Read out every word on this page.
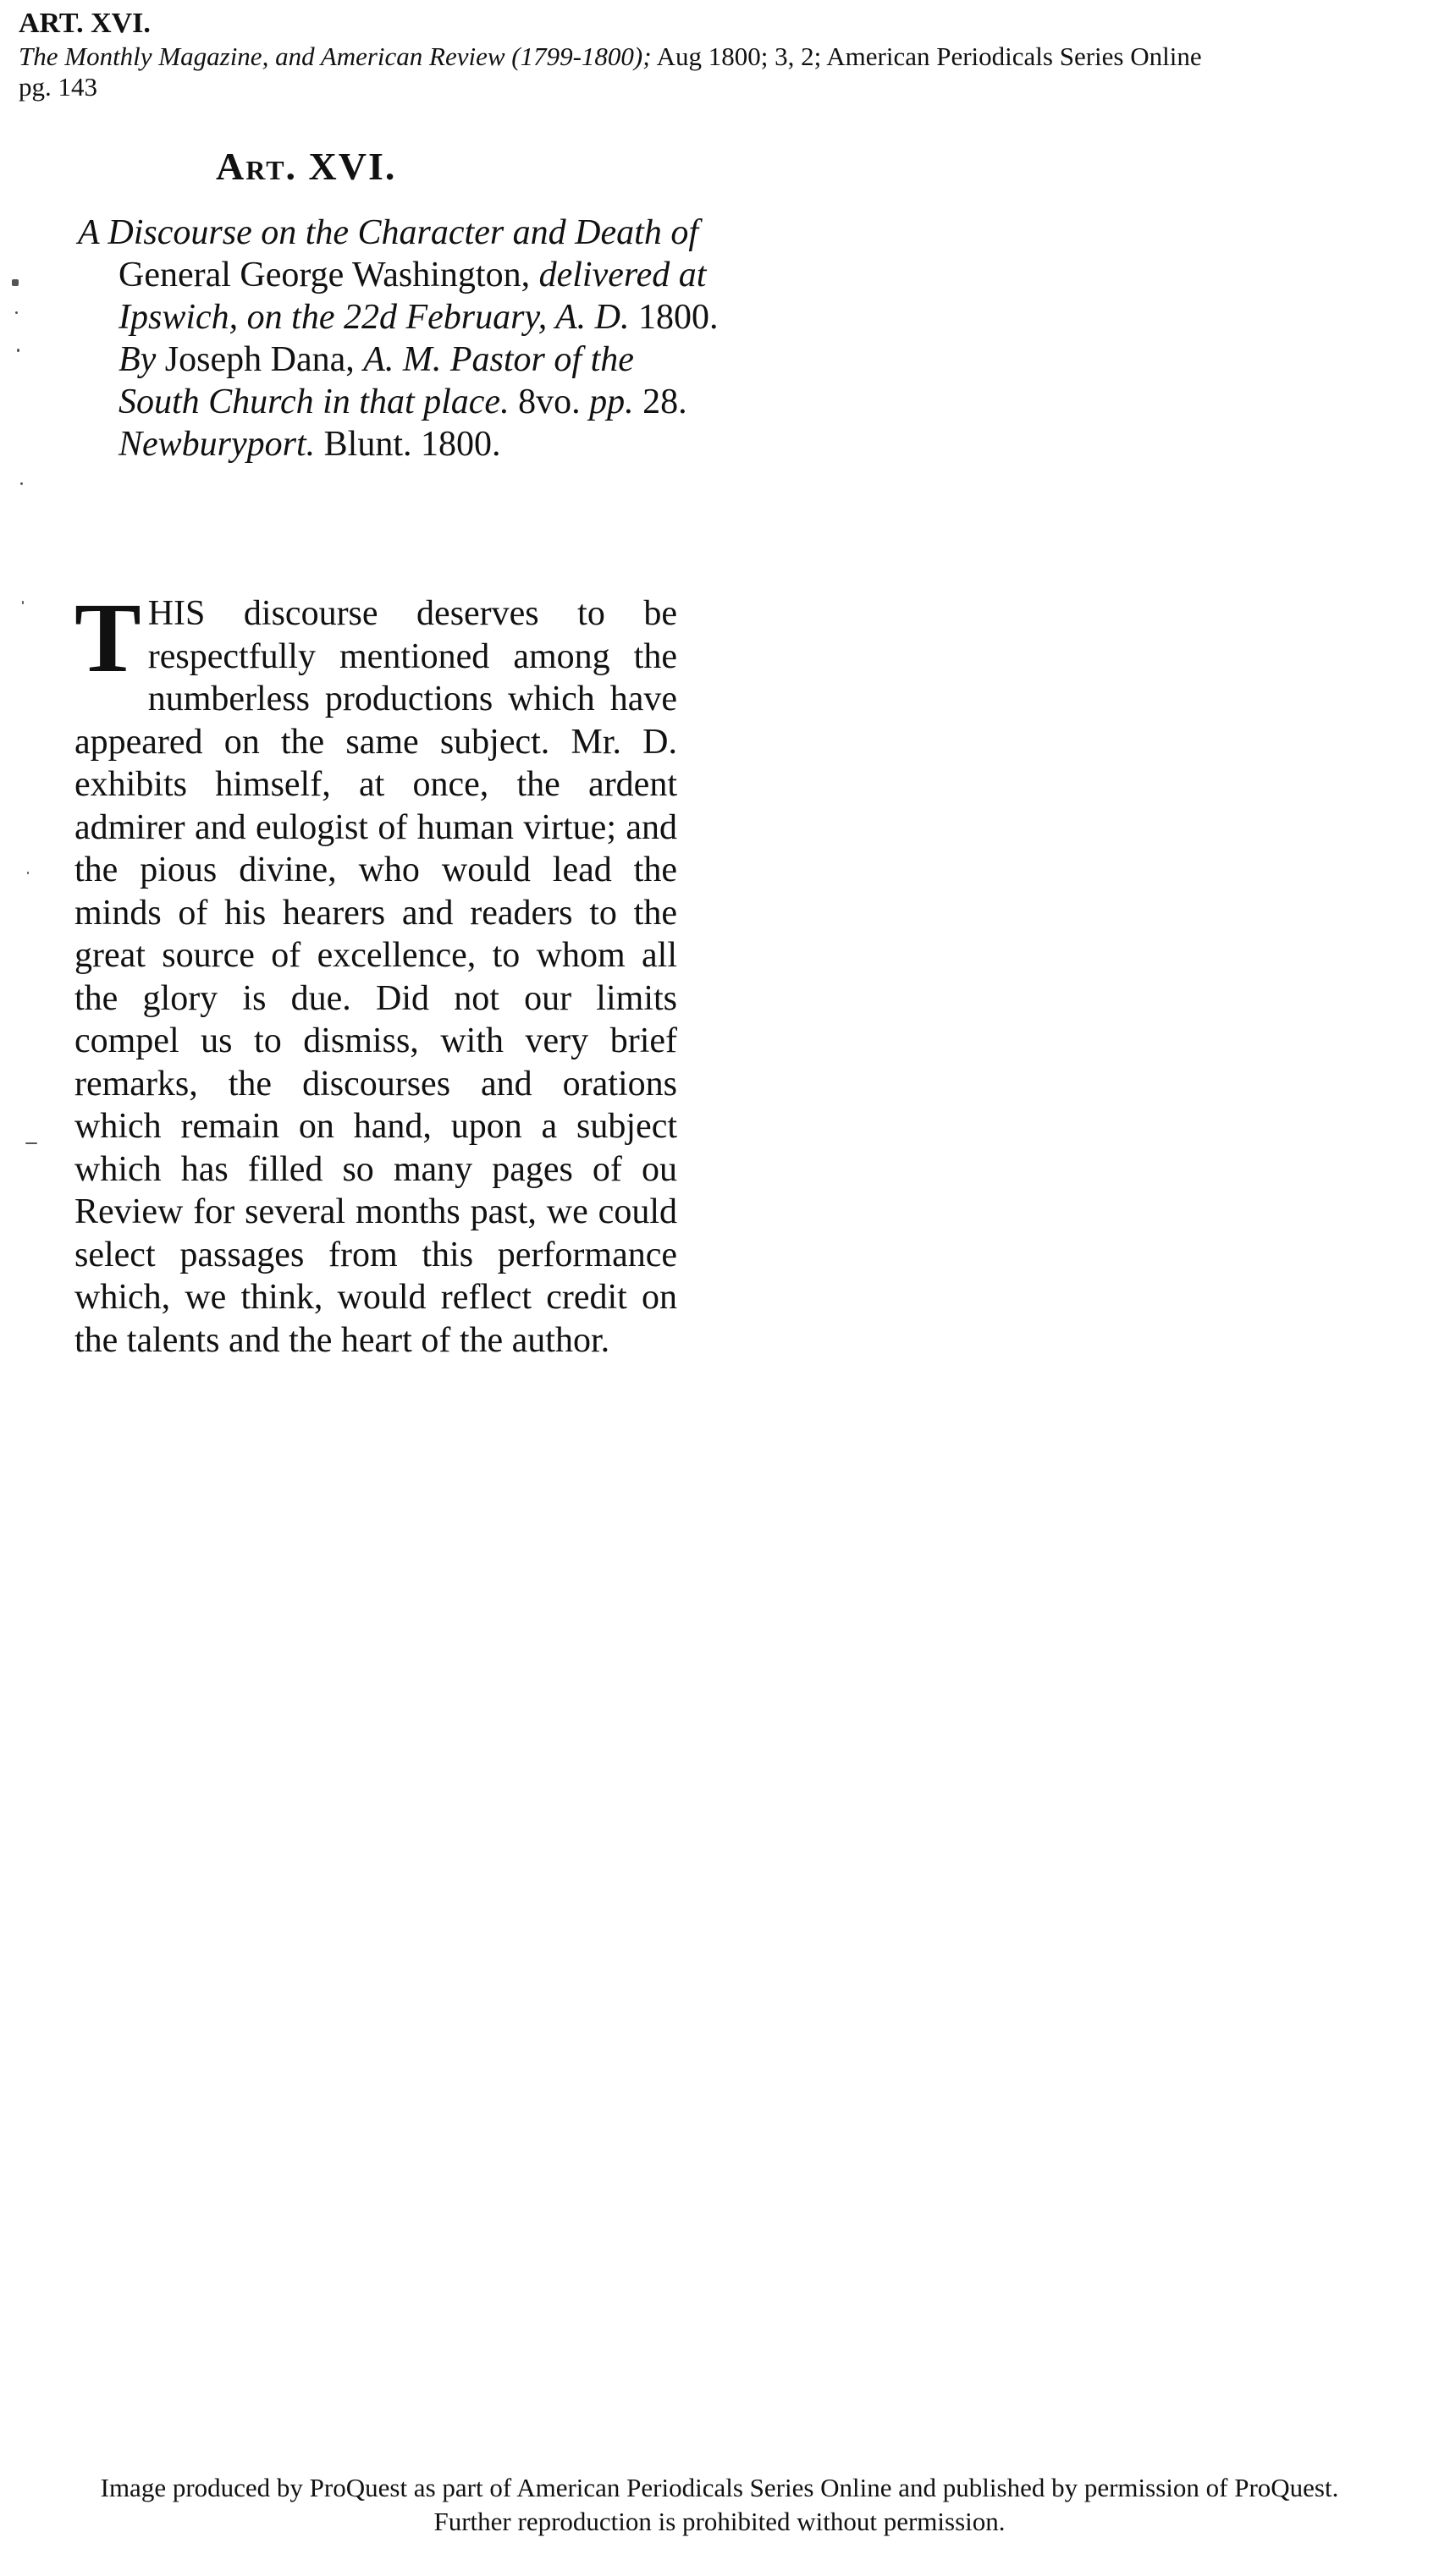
ART. XVI.

The Monthly Magazine, and American Review (1799-1800); Aug 1800; 3, 2; American Periodicals Series Online

pg. 143

Art. XVI.

A Discourse on the Character and Death of General George Washington, delivered at Ipswich, on the 22d February, A. D. 1800. By Joseph Dana, A. M. Pastor of the South Church in that place. 8vo. pp. 28. Newburyport. Blunt. 1800.

THIS discourse deserves to be respectfully mentioned among the numberless productions which have appeared on the same subject. Mr. D. exhibits himself, at once, the ardent admirer and eulogist of human virtue; and the pious divine, who would lead the minds of his hearers and readers to the great source of excellence, to whom all the glory is due. Did not our limits compel us to dismiss, with very brief remarks, the discourses and orations which remain on hand, upon a subject which has filled so many pages of ou Review for several months past, we could select passages from this performance which, we think, would reflect credit on the talents and the heart of the author.

Image produced by ProQuest as part of American Periodicals Series Online and published by permission of ProQuest.

Further reproduction is prohibited without permission.
